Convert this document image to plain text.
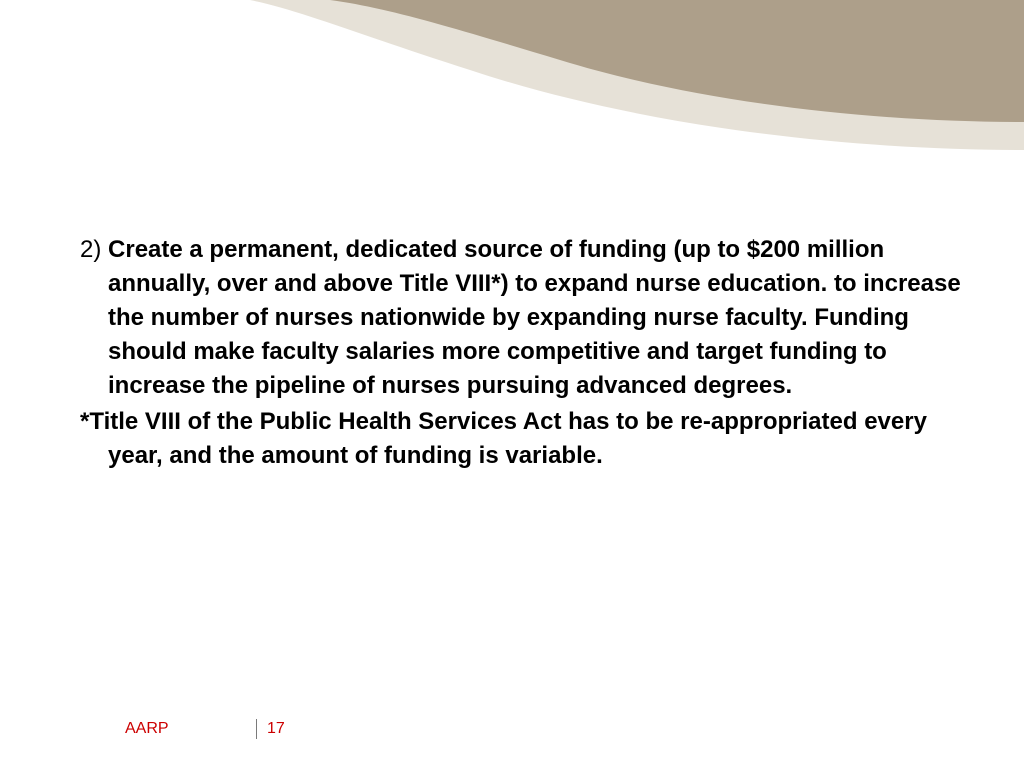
2) Create a permanent, dedicated source of funding (up to $200 million annually, over and above Title VIII*) to expand nurse education. to increase the number of nurses nationwide by expanding nurse faculty. Funding should make faculty salaries more competitive and target funding to increase the pipeline of nurses pursuing advanced degrees.

*Title VIII of the Public Health Services Act has to be re-appropriated every year, and the amount of funding is variable.

AARP	17
